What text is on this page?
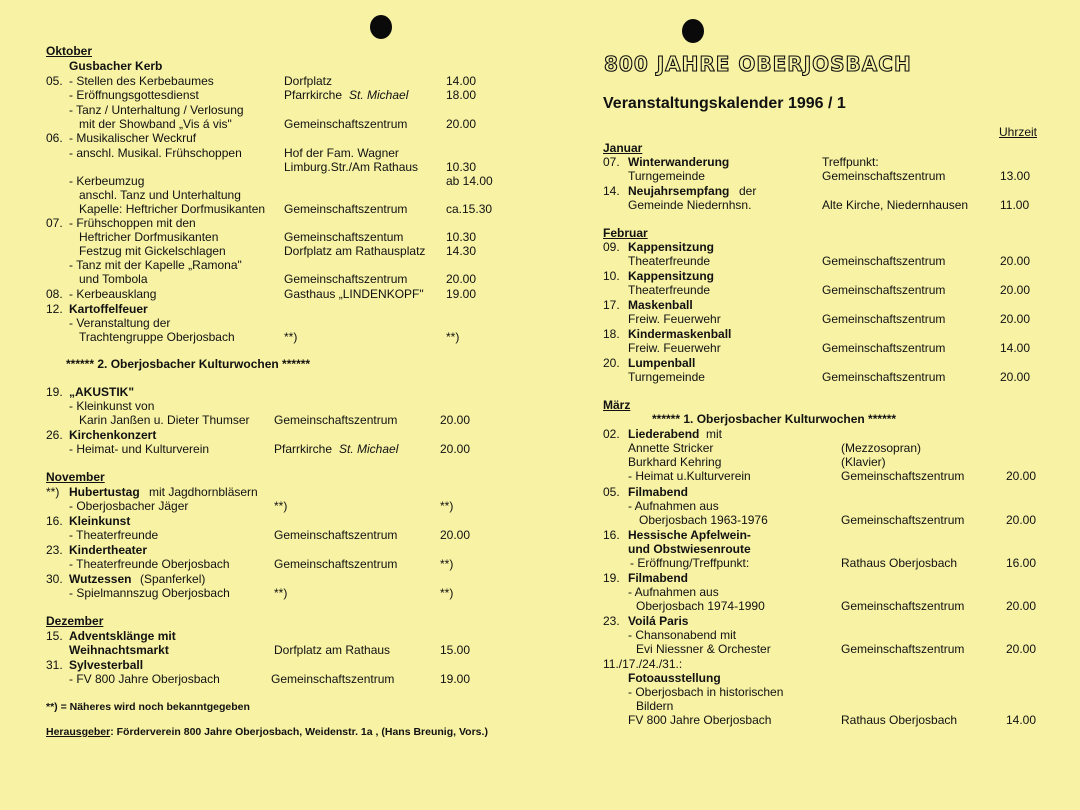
Oktober
Gusbacher Kerb
05. - Stellen des Kerbebaumes	Dorfplatz	14.00
- Eröffnungsgottesdienst	Pfarrkirche St. Michael	18.00
- Tanz / Unterhaltung / Verlosung
mit der Showband „Vis á vis"	Gemeinschaftszentrum	20.00
06. - Musikalischer Weckruf
- anschl. Musikal. Frühschoppen	Hof der Fam. Wagner
Limburg.Str./Am Rathaus 10.30
- Kerbeumzug	ab 14.00
anschl. Tanz und Unterhaltung
Kapelle: Heftricher Dorfmusikanten Gemeinschaftszentrum	ca.15.30
07. - Frühschoppen mit den
Heftricher Dorfmusikanten	Gemeinschaftszentum	10.30
Festzug mit Gickelschlagen	Dorfplatz am Rathausplatz 14.30
- Tanz mit der Kapelle „Ramona"
und Tombola	Gemeinschaftszentrum	20.00
08. - Kerbeausklang	Gasthaus „LINDENKOPF" 19.00
12. Kartoffelfeuer
- Veranstaltung der
Trachtengruppe Oberjosbach	**)	**)
****** 2. Oberjosbacher Kulturwochen ******
19. „AKUSTIK"
- Kleinkunst von
Karin Janßen u. Dieter Thumser Gemeinschaftszentrum	20.00
26. Kirchenkonzert
- Heimat- und Kulturverein	Pfarrkirche St. Michael	20.00
November
**) Hubertustag mit Jagdhornbläsern
- Oberjosbacher Jäger	**)	**)
16. Kleinkunst
- Theaterfreunde	Gemeinschaftszentrum	20.00
23. Kindertheater
- Theaterfreunde Oberjosbach	Gemeinschaftszentrum	**)
30. Wutzessen (Spanferkel)
- Spielmannszug Oberjosbach	**)	**)
Dezember
15. Adventsklänge mit
Weihnachtsmarkt	Dorfplatz am Rathaus	15.00
31. Sylvesterball
- FV 800 Jahre Oberjosbach	Gemeinschaftszentrum	19.00
800 JAHRE OBERJOSBACH
Veranstaltungskalender 1996 / 1
Uhrzeit
Januar
07. Winterwanderung	Treffpunkt:
Turngemeinde	Gemeinschaftszentrum	13.00
14. Neujahrsempfang der
Gemeinde Niedernhsn.	Alte Kirche, Niedernhausen	11.00
Februar
09. Kappensitzung
Theaterfreunde	Gemeinschaftszentrum	20.00
10. Kappensitzung
Theaterfreunde	Gemeinschaftszentrum	20.00
17. Maskenball
Freiw. Feuerwehr	Gemeinschaftszentrum	20.00
18. Kindermaskenball
Freiw. Feuerwehr	Gemeinschaftszentrum	14.00
20. Lumpenball
Turngemeinde	Gemeinschaftszentrum	20.00
März
****** 1. Oberjosbacher Kulturwochen ******
02. Liederabend mit
Annette Stricker	(Mezzosopran)
Burkhard Kehring	(Klavier)
- Heimat u.Kulturverein	Gemeinschaftszentrum	20.00
05. Filmabend
- Aufnahmen aus
Oberjosbach 1963-1976	Gemeinschaftszentrum	20.00
16. Hessische Apfelwein-
und Obstwiesenroute
- Eröffnung/Treffpunkt:	Rathaus Oberjosbach	16.00
19. Filmabend
- Aufnahmen aus
Oberjosbach 1974-1990	Gemeinschaftszentrum	20.00
23. Voilá Paris
- Chansonabend mit
Evi Niessner & Orchester	Gemeinschaftszentrum	20.00
11./17./24./31.:
Fotoausstellung
- Oberjosbach in historischen
Bildern
FV 800 Jahre Oberjosbach	Rathaus Oberjosbach	14.00
**) = Näheres wird noch bekanntgegeben
Herausgeber: Förderverein 800 Jahre Oberjosbach, Weidenstr. 1a , (Hans Breunig, Vors.)
